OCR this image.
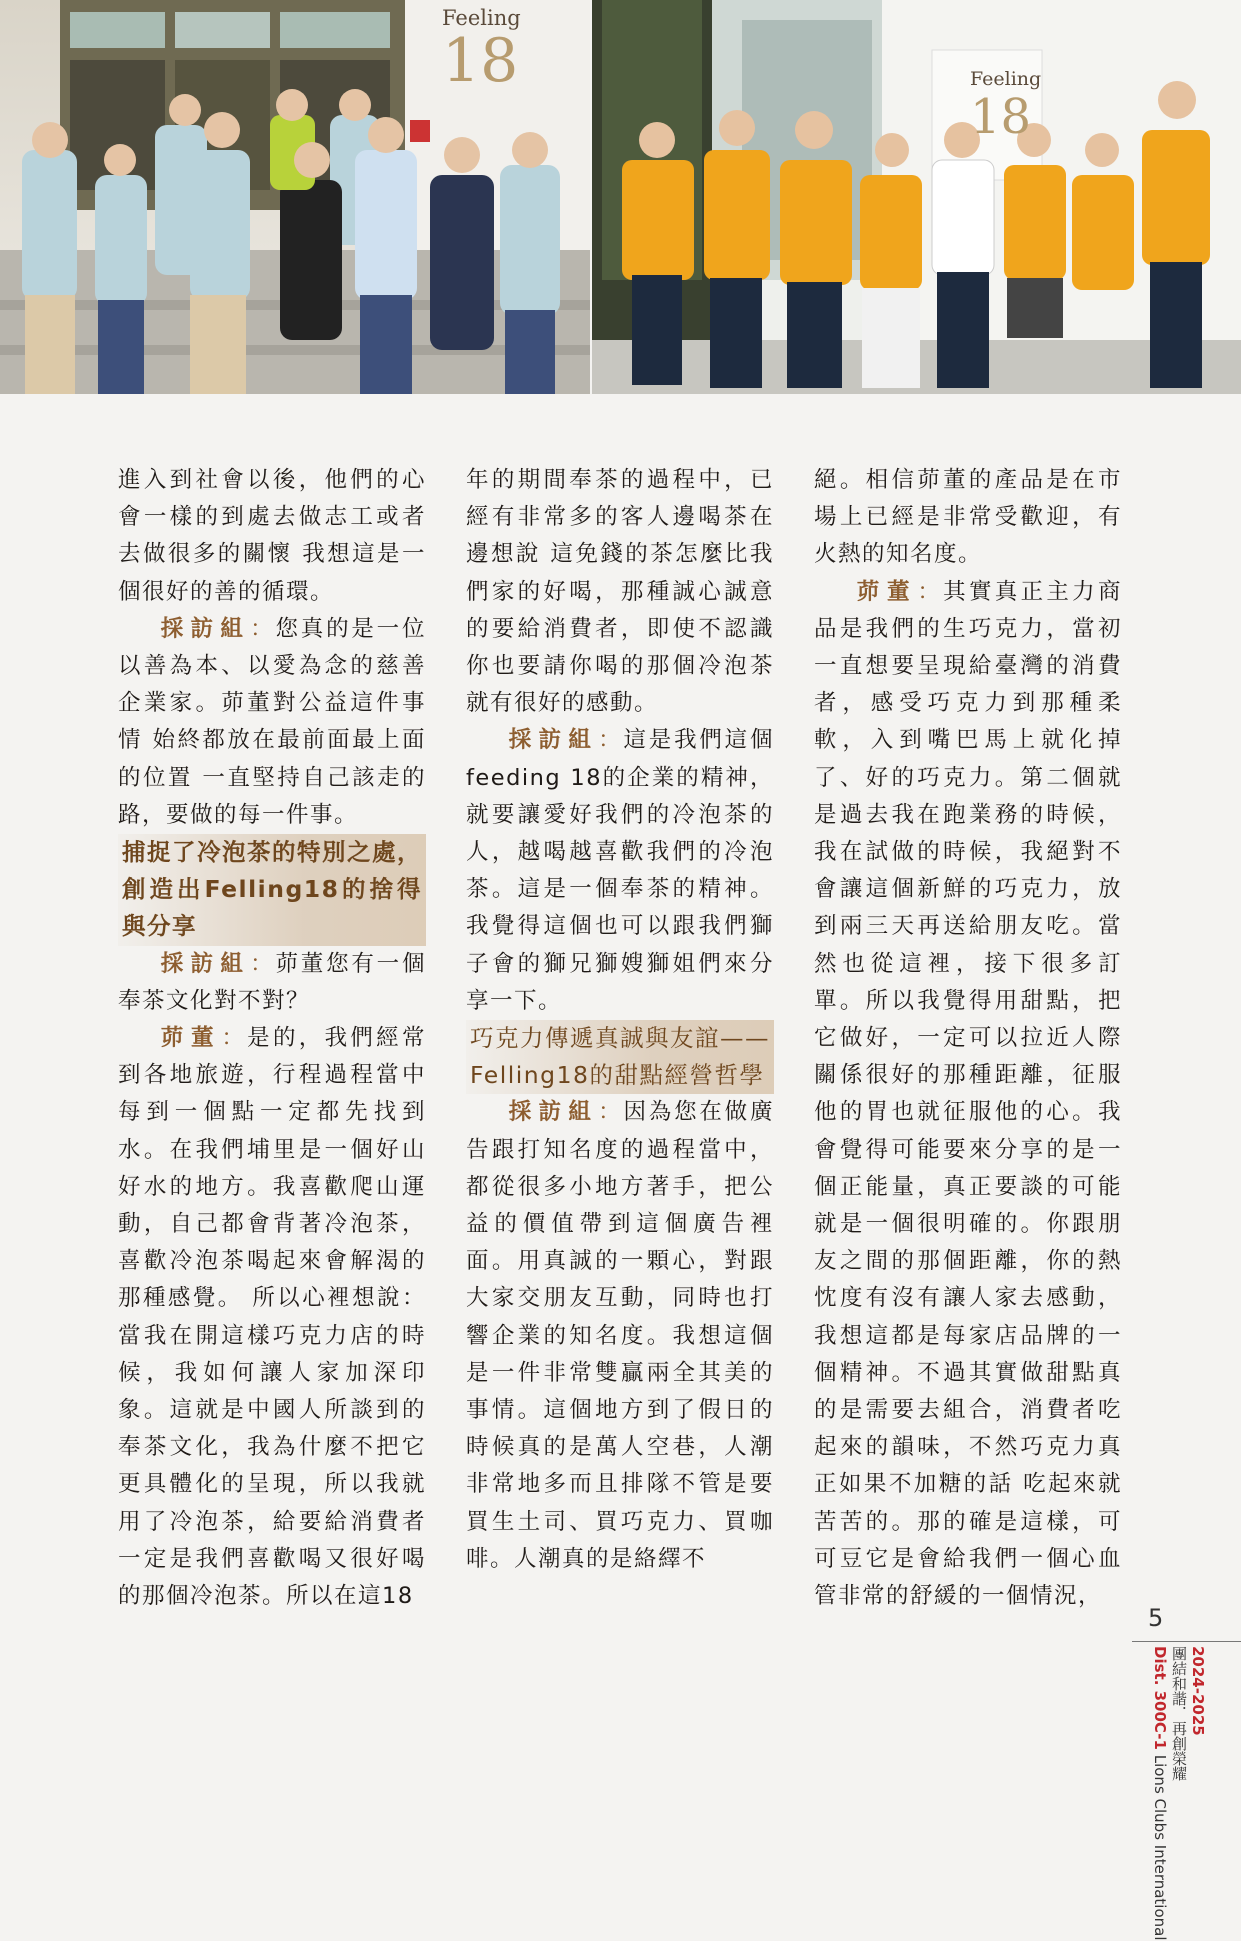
Feeling
18	Feeling
18

進入到社會以後，他們的心會一樣的到處去做志工或者去做很多的關懷 我想這是一個很好的善的循環。

採訪組：您真的是一位以善為本、以愛為念的慈善企業家。茆董對公益這件事情 始終都放在最前面最上面的位置 一直堅持自己該走的路，要做的每一件事。

捕捉了冷泡茶的特別之處，創造出Felling18的捨得與分享

採訪組：茆董您有一個奉茶文化對不對？

茆董：是的，我們經常到各地旅遊，行程過程當中每到一個點一定都先找到水。在我們埔里是一個好山好水的地方。我喜歡爬山運動，自己都會背著冷泡茶，喜歡冷泡茶喝起來會解渴的那種感覺。 所以心裡想說：當我在開這樣巧克力店的時候，我如何讓人家加深印象。這就是中國人所談到的奉茶文化，我為什麼不把它更具體化的呈現，所以我就用了冷泡茶，給要給消費者一定是我們喜歡喝又很好喝的那個冷泡茶。所以在這18

年的期間奉茶的過程中，已經有非常多的客人邊喝茶在邊想說 這免錢的茶怎麼比我們家的好喝，那種誠心誠意的要給消費者，即使不認識你也要請你喝的那個冷泡茶就有很好的感動。

採訪組：這是我們這個 feeding 18的企業的精神，就要讓愛好我們的冷泡茶的人，越喝越喜歡我們的冷泡茶。這是一個奉茶的精神。我覺得這個也可以跟我們獅子會的獅兄獅嫂獅姐們來分享一下。

巧克力傳遞真誠與友誼——Felling18的甜點經營哲學

採訪組：因為您在做廣告跟打知名度的過程當中，都從很多小地方著手，把公益的價值帶到這個廣告裡面。用真誠的一顆心，對跟大家交朋友互動，同時也打響企業的知名度。我想這個是一件非常雙贏兩全其美的事情。這個地方到了假日的時候真的是萬人空巷，人潮非常地多而且排隊不管是要買生土司、買巧克力、買咖啡。人潮真的是絡繹不

絕。相信茆董的產品是在市場上已經是非常受歡迎，有火熱的知名度。

茆董：其實真正主力商品是我們的生巧克力，當初一直想要呈現給臺灣的消費者，感受巧克力到那種柔軟，入到嘴巴馬上就化掉了、好的巧克力。第二個就是過去我在跑業務的時候，我在試做的時候，我絕對不會讓這個新鮮的巧克力，放到兩三天再送給朋友吃。當然也從這裡，接下很多訂單。所以我覺得用甜點，把它做好，一定可以拉近人際關係很好的那種距離，征服他的胃也就征服他的心。我會覺得可能要來分享的是一個正能量，真正要談的可能就是一個很明確的。你跟朋友之間的那個距離，你的熱忱度有沒有讓人家去感動，我想這都是每家店品牌的一個精神。不過其實做甜點真的是需要去組合，消費者吃起來的韻味，不然巧克力真正如果不加糖的話 吃起來就苦苦的。那的確是這樣，可可豆它是會給我們一個心血管非常的舒緩的一個情況，

5
2024-2025
團結和諧．再創榮耀
Dist. 300C-1 Lions Clubs International
